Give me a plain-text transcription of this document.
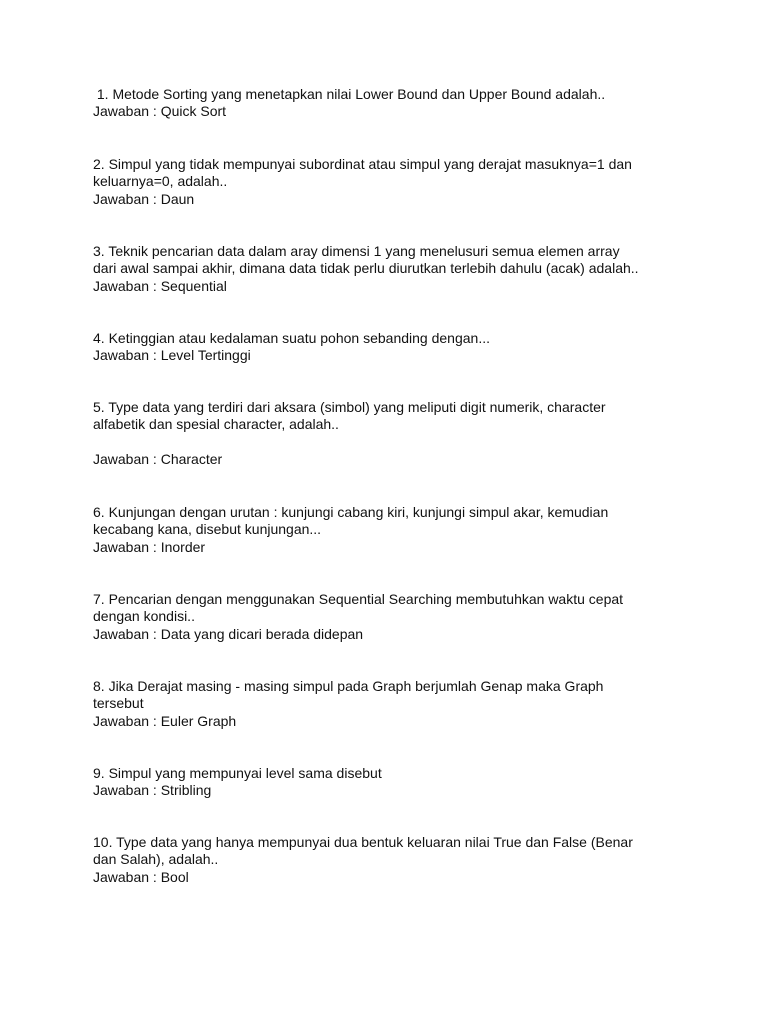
1. Metode Sorting yang menetapkan nilai Lower Bound dan Upper Bound adalah..
Jawaban : Quick Sort
2. Simpul yang tidak mempunyai subordinat atau simpul yang derajat masuknya=1 dan
keluarnya=0, adalah..
Jawaban : Daun
3. Teknik pencarian data dalam aray dimensi 1 yang menelusuri semua elemen array
dari awal sampai akhir, dimana data tidak perlu diurutkan terlebih dahulu (acak) adalah..
Jawaban : Sequential
4. Ketinggian atau kedalaman suatu pohon sebanding dengan...
Jawaban : Level Tertinggi
5. Type data yang terdiri dari aksara (simbol) yang meliputi digit numerik, character
alfabetik dan spesial character, adalah..
Jawaban : Character
6. Kunjungan dengan urutan : kunjungi cabang kiri, kunjungi simpul akar, kemudian
kecabang kana, disebut kunjungan...
Jawaban : Inorder
7. Pencarian dengan menggunakan Sequential Searching membutuhkan waktu cepat
dengan kondisi..
Jawaban : Data yang dicari berada didepan
8. Jika Derajat masing - masing simpul pada Graph berjumlah Genap maka Graph
tersebut
Jawaban : Euler Graph
9. Simpul yang mempunyai level sama disebut
Jawaban : Stribling
10. Type data yang hanya mempunyai dua bentuk keluaran nilai True dan False (Benar
dan Salah), adalah..
Jawaban : Bool
